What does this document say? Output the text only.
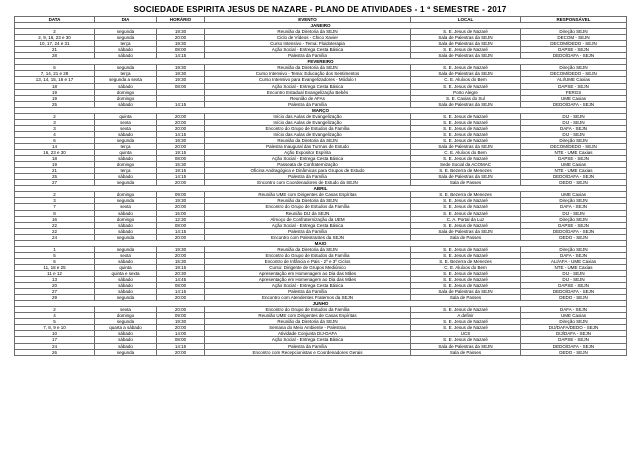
SOCIEDADE ESPIRITA JESUS DE NAZARE - PLANO DE ATIVIDADES - 1 º SEMESTRE - 2017
DATA	DIA	HORÁRIO	EVENTO	LOCAL	RESPONSÁVEL
JANEIRO					
2	segunda	19:30	Reunião da Diretoria da SEJN	S. E. Jesus de Nazaré	Direção SEJN
2, 9, 16, 23 e 30	segunda	20:00	Ciclo de Vídeos - Chico Xavier	Sala de Palestras da SEJN	DECOM - SEJN
10, 17, 24 e 31	terça	19:30	Curso Intensivo - Tema: Fluidoterapia	Sala de Palestras da SEJN	DECOM/DEDO - SEJN
21	sábado	08:00	Ação Social - Entrega Cesta Básica	S. E. Jesus de Nazaré	DAPSE - SEJN
28	sábado	14:15	Palestra da Família	Sala de Palestras da SEJN	DEDO/DAFA - SEJN
FEVEREIRO					
6	segunda	19:30	Reunião da Diretoria da SEJN	S. E. Jesus de Nazaré	Direção SEJN
7, 14, 21 e 28	terça	19:30	Curso Intensivo - Tema: Educação dos Sentimentos	Sala de Palestras da SEJN	DECOM/DEDO - SEJN
13, 14, 15, 16 e 17	segunda a sexta	19:30	Curso Intensivo para Evangelizadores - Módulo I	C. E. Aluíxos do Bem	ALI/UME Caxias
18	sábado	08:00	Ação Social - Entrega Cesta Básica	S. E. Jesus de Nazaré	DAPSE - SEJN
19	domingo		Encontro Estadual Evangelização Bebês	Porto Alegre	FERGS
19	domingo		Reunião de AFAs	S. E. Caxias do Sul	UME Caxias
25	sábado	14:15	Palestra da Família	Sala de Palestras da SEJN	DEDO/DAFA - SEJN
MARÇO					
2	quinta	20:00	Início das Aulas de Evangelização	S. E. Jesus de Nazaré	DIJ - SEJN
3	sexta	20:00	Início das Aulas de Evangelização	S. E. Jesus de Nazaré	DIJ - SEJN
3	sexta	20:00	Encontro do Grupo de Estudos da Família	S. E. Jesus de Nazaré	DAFA - SEJN
4	sábado	14:15	Início das Aulas de Evangelização	S. E. Jesus de Nazaré	DIJ - SEJN
6	segunda	19:30	Reunião da Diretoria da SEJN	S. E. Jesus de Nazaré	Direção SEJN
14	terça	20:00	Palestra Inaugural das Turmas de Estudo	Sala de Palestras da SEJN	DECOM/DEDO - SEJN
16, 23 e 30	quinta	19:15	Ação Expositor Espírita	C. E. Aluíxos do Bem	NTE - UME Caxias
18	sábado	08:00	Ação Social - Entrega Cesta Básica	S. E. Jesus de Nazaré	DAPSE - SEJN
19	domingo	15:30	Passeata de Confraternização	Sede Social da ACOMAC	UME Caxias
21	terça	19:15	Oficina Andragógica e Dinâmicas para Grupos de Estudo	S. E. Bezerra de Menezes	NTE - UME Caxias
25	sábado	14:15	Palestra da Família	Sala de Palestras da SEJN	DEDO/DAFA - SEJN
27	segunda	20:00	Encontro com Coordenadores de Estudo da SEJN	Sala de Passes	DEDO - SEJN
ABRIL					
2	domingo	09:00	Reunião UME com Dirigentes de Casas Espíritas	S. E. Bezerra de Menezes	UME Caxias
3	segunda	19:30	Reunião da Diretoria da SEJN	S. E. Jesus de Nazaré	Direção SEJN
7	sexta	20:00	Encontro do Grupo de Estudos da Família	S. E. Jesus de Nazaré	DAFA - SEJN
8	sábado	15:00	Reunião DIJ da SEJN	S. E. Jesus de Nazaré	DIJ - SEJN
16	domingo	12:30	Almoço de Confraternização da UEM	C. A. Portal da Luz	Direção SEJN
22	sábado	08:00	Ação Social - Entrega Cesta Básica	S. E. Jesus de Nazaré	DAPSE - SEJN
22	sábado	14:15	Palestra da Família	Sala de Palestras da SEJN	DEDO/DAFA - SEJN
24	segunda	20:00	Encontro com Palestrantes da SEJN	Sala de Passes	DEDO - SEJN
MAIO					
1	segunda	19:30	Reunião da Diretoria da SEJN	S. E. Jesus de Nazaré	Direção SEJN
5	sexta	20:00	Encontro do Grupo de Estudos da Família	S. E. Jesus de Nazaré	DAFA - SEJN
6	sábado	15:30	Encontro de Infância e Pais - 2º e 3º Ciclos	S. E. Bezerra de Menezes	ALI/AFA - UME Caxias
11, 18 e 25	quinta	19:15	Curso: Dirigente de Grupos Mediúnico	C. E. Aluíxos do Bem	NTE - UME Caxias
11 e 12	quinta e sexta	20:30	Apresentação em Homenagem ao Dia das Mães	S. E. Jesus de Nazaré	DIJ - SEJN
13	sábado	14:45	Apresentação em Homenagem ao Dia das Mães	S. E. Jesus de Nazaré	DIJ - SEJN
20	sábado	08:00	Ação Social - Entrega Cesta Básica	S. E. Jesus de Nazaré	DAPSE - SEJN
27	sábado	14:15	Palestra da Família	Sala de Palestras da SEJN	DEDO/DAFA - SEJN
29	segunda	20:00	Encontro com Atendentes Fraternos da SEJN	Sala de Passes	DEDO - SEJN
JUNHO					
2	sexta	20:00	Encontro do Grupo de Estudos da Família	S. E. Jesus de Nazaré	DAFA - SEJN
4	domingo	09:00	Reunião UME com Dirigentes de Casas Espíritas	A definir	UME Caxias
5	segunda	19:30	Reunião da Diretoria da SEJN	S. E. Jesus de Nazaré	Direção SEJN
7, 8, 9 e 10	quarta a sábado	20:00	Semana do Meio Ambiente - Palestras	S. E. Jesus de Nazaré	DIJ/DAFA/DEDO - SEJN
10	sábado	14:00	Atividade Conjunta DIJ-DAFA	UCS	DIJ/DAFA - SEJN
17	sábado	08:00	Ação Social - Entrega Cesta Básica	S. E. Jesus de Nazaré	DAPSE - SEJN
24	sábado	14:15	Palestra da Família	Sala de Palestras da SEJN	DEDO/DAFA - SEJN
26	segunda	20:00	Encontro com Recepcionistas e Coordenadores Gerais	Sala de Passes	DEDO - SEJN
